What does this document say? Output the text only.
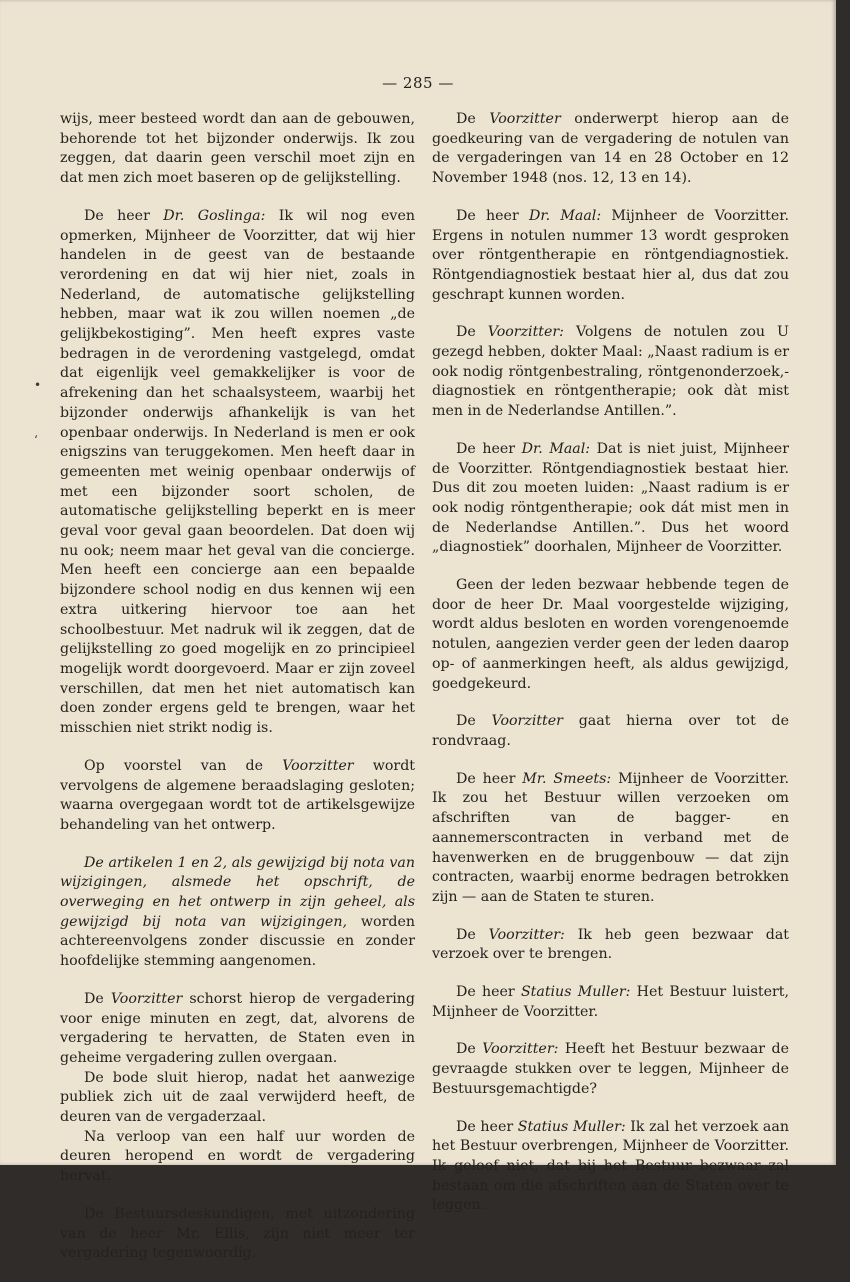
— 285 —
•
‘

wijs, meer besteed wordt dan aan de gebouwen, behorende tot het bijzonder onderwijs. Ik zou zeggen, dat daarin geen verschil moet zijn en dat men zich moet baseren op de gelijkstelling.

De heer Dr. Goslinga: Ik wil nog even opmerken, Mijnheer de Voorzitter, dat wij hier handelen in de geest van de bestaande verordening en dat wij hier niet, zoals in Nederland, de automatische gelijkstelling hebben, maar wat ik zou willen noemen „de gelijkbekostiging”. Men heeft expres vaste bedragen in de verordening vastgelegd, omdat dat eigenlijk veel gemakkelijker is voor de afrekening dan het schaalsysteem, waarbij het bijzonder onderwijs afhankelijk is van het openbaar onderwijs. In Nederland is men er ook enigszins van teruggekomen. Men heeft daar in gemeenten met weinig openbaar onderwijs of met een bijzonder soort scholen, de automatische gelijkstelling beperkt en is meer geval voor geval gaan beoordelen. Dat doen wij nu ook; neem maar het geval van die concierge. Men heeft een concierge aan een bepaalde bijzondere school nodig en dus kennen wij een extra uitkering hiervoor toe aan het schoolbestuur. Met nadruk wil ik zeggen, dat de gelijkstelling zo goed mogelijk en zo principieel mogelijk wordt doorgevoerd. Maar er zijn zoveel verschillen, dat men het niet automatisch kan doen zonder ergens geld te brengen, waar het misschien niet strikt nodig is.

Op voorstel van de Voorzitter wordt vervolgens de algemene beraadslaging gesloten; waarna overgegaan wordt tot de artikelsgewijze behandeling van het ontwerp.

De artikelen 1 en 2, als gewijzigd bij nota van wijzigingen, alsmede het opschrift, de overweging en het ontwerp in zijn geheel, als gewijzigd bij nota van wijzigingen, worden achtereenvolgens zonder discussie en zonder hoofdelijke stemming aangenomen.

De Voorzitter schorst hierop de vergadering voor enige minuten en zegt, dat, alvorens de vergadering te hervatten, de Staten even in geheime vergadering zullen overgaan.

De bode sluit hierop, nadat het aanwezige publiek zich uit de zaal verwijderd heeft, de deuren van de vergaderzaal.

Na verloop van een half uur worden de deuren heropend en wordt de vergadering hervat.

De Bestuursdeskundigen, met uitzondering van de heer Mr. Ellis, zijn niet meer ter vergadering tegenwoordig.

De Voorzitter onderwerpt hierop aan de goedkeuring van de vergadering de notulen van de vergaderingen van 14 en 28 October en 12 November 1948 (nos. 12, 13 en 14).

De heer Dr. Maal: Mijnheer de Voorzitter. Ergens in notulen nummer 13 wordt gesproken over röntgentherapie en röntgendiagnostiek. Röntgendiagnostiek bestaat hier al, dus dat zou geschrapt kunnen worden.

De Voorzitter: Volgens de notulen zou U gezegd hebben, dokter Maal: „Naast radium is er ook nodig röntgenbestraling, röntgenonderzoek,-diagnostiek en röntgentherapie; ook dàt mist men in de Nederlandse Antillen.”.

De heer Dr. Maal: Dat is niet juist, Mijnheer de Voorzitter. Röntgendiagnostiek bestaat hier. Dus dit zou moeten luiden: „Naast radium is er ook nodig röntgentherapie; ook dát mist men in de Nederlandse Antillen.”. Dus het woord „diagnostiek” doorhalen, Mijnheer de Voorzitter.

Geen der leden bezwaar hebbende tegen de door de heer Dr. Maal voorgestelde wijziging, wordt aldus besloten en worden vorengenoemde notulen, aangezien verder geen der leden daarop op- of aanmerkingen heeft, als aldus gewijzigd, goedgekeurd.

De Voorzitter gaat hierna over tot de rondvraag.

De heer Mr. Smeets: Mijnheer de Voorzitter. Ik zou het Bestuur willen verzoeken om afschriften van de bagger- en aannemerscontracten in verband met de havenwerken en de bruggenbouw — dat zijn contracten, waarbij enorme bedragen betrokken zijn — aan de Staten te sturen.

De Voorzitter: Ik heb geen bezwaar dat verzoek over te brengen.

De heer Statius Muller: Het Bestuur luistert, Mijnheer de Voorzitter.

De Voorzitter: Heeft het Bestuur bezwaar de gevraagde stukken over te leggen, Mijnheer de Bestuursgemachtigde?

De heer Statius Muller: Ik zal het verzoek aan het Bestuur overbrengen, Mijnheer de Voorzitter. Ik geloof niet, dat bij het Bestuur bezwaar zal bestaan om die afschriften aan de Staten over te leggen.
